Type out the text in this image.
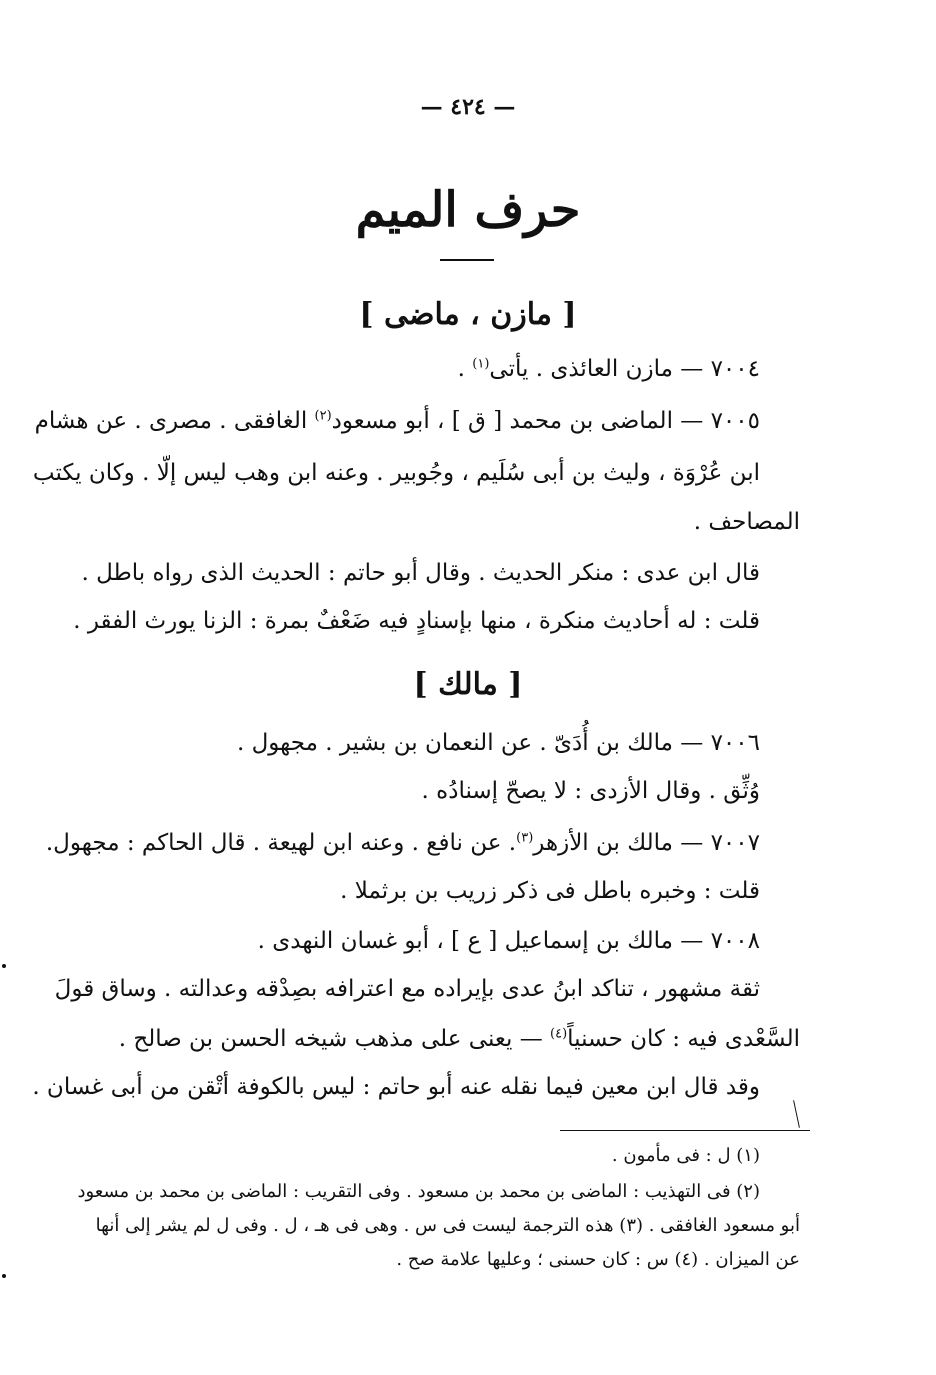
— ٤٢٤ —
حرف الميم
[ مازن ، ماضى ]
٧٠٠٤ — مازن العائذى . يأتى$^{(١)}$ .
٧٠٠٥ — الماضى بن محمد [ ق ] ، أبو مسعود$^{(٢)}$ الغافقى . مصرى . عن هشام
ابن عُرْوَة ، وليث بن أبى سُلَيم ، وجُوبير . وعنه ابن وهب ليس إلّا . وكان يكتب
المصاحف .
قال ابن عدى : منكر الحديث . وقال أبو حاتم : الحديث الذى رواه باطل .
قلت : له أحاديث منكرة ، منها بإسنادٍ فيه ضَعْفٌ بمرة : الزنا يورث الفقر .
[ مالك ]
٧٠٠٦ — مالك بن أُدَىّ . عن النعمان بن بشير . مجهول .
وُثِّق . وقال الأزدى : لا يصحّ إسنادُه .
٧٠٠٧ — مالك بن الأزهر$^{(٣)}$. عن نافع . وعنه ابن لهيعة . قال الحاكم : مجهول.
قلت : وخبره باطل فى ذكر زريب بن برثملا .
٧٠٠٨ — مالك بن إسماعيل [ ع ] ، أبو غسان النهدى .
ثقة مشهور ، تناكد ابنُ عدى بإيراده مع اعترافه بصِدْقه وعدالته . وساق قولَ
السَّعْدى فيه : كان حسنياً$^{(٤)}$ — يعنى على مذهب شيخه الحسن بن صالح .
وقد قال ابن معين فيما نقله عنه أبو حاتم : ليس بالكوفة أتْقن من أبى غسان .
(١) ل : فى مأمون .
(٢) فى التهذيب : الماضى بن محمد بن مسعود . وفى التقريب : الماضى بن محمد بن مسعود
أبو مسعود الغافقى . (٣) هذه الترجمة ليست فى س . وهى فى هـ ، ل . وفى ل لم يشر إلى أنها
عن الميزان . (٤) س : كان حسنى ؛ وعليها علامة صح .
